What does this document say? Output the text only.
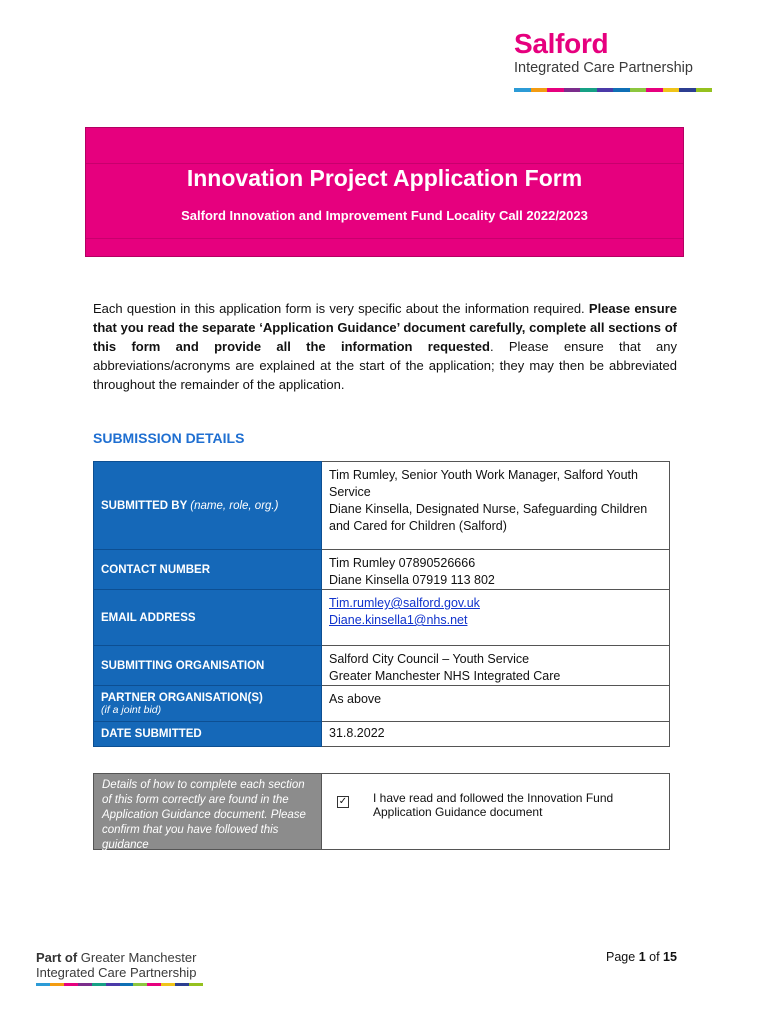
Salford
Integrated Care Partnership
Innovation Project Application Form
Salford Innovation and Improvement Fund Locality Call 2022/2023
Each question in this application form is very specific about the information required. Please ensure that you read the separate ‘Application Guidance’ document carefully, complete all sections of this form and provide all the information requested. Please ensure that any abbreviations/acronyms are explained at the start of the application; they may then be abbreviated throughout the remainder of the application.
SUBMISSION DETAILS
SUBMITTED BY (name, role, org.)	Tim Rumley, Senior Youth Work Manager, Salford Youth Service
Diane Kinsella, Designated Nurse, Safeguarding Children and Cared for Children (Salford)

CONTACT NUMBER	Tim Rumley 07890526666
Diane Kinsella 07919 113 802

EMAIL ADDRESS	Tim.rumley@salford.gov.uk
Diane.kinsella1@nhs.net

SUBMITTING ORGANISATION	Salford City Council – Youth Service
Greater Manchester NHS Integrated Care

PARTNER ORGANISATION(S)
(if a joint bid)	As above
DATE SUBMITTED	31.8.2022
Details of how to complete each section of this form correctly are found in the Application Guidance document. Please confirm that you have followed this guidance
✓ I have read and followed the Innovation Fund Application Guidance document
Part of Greater Manchester
Integrated Care Partnership
Page 1 of 15
